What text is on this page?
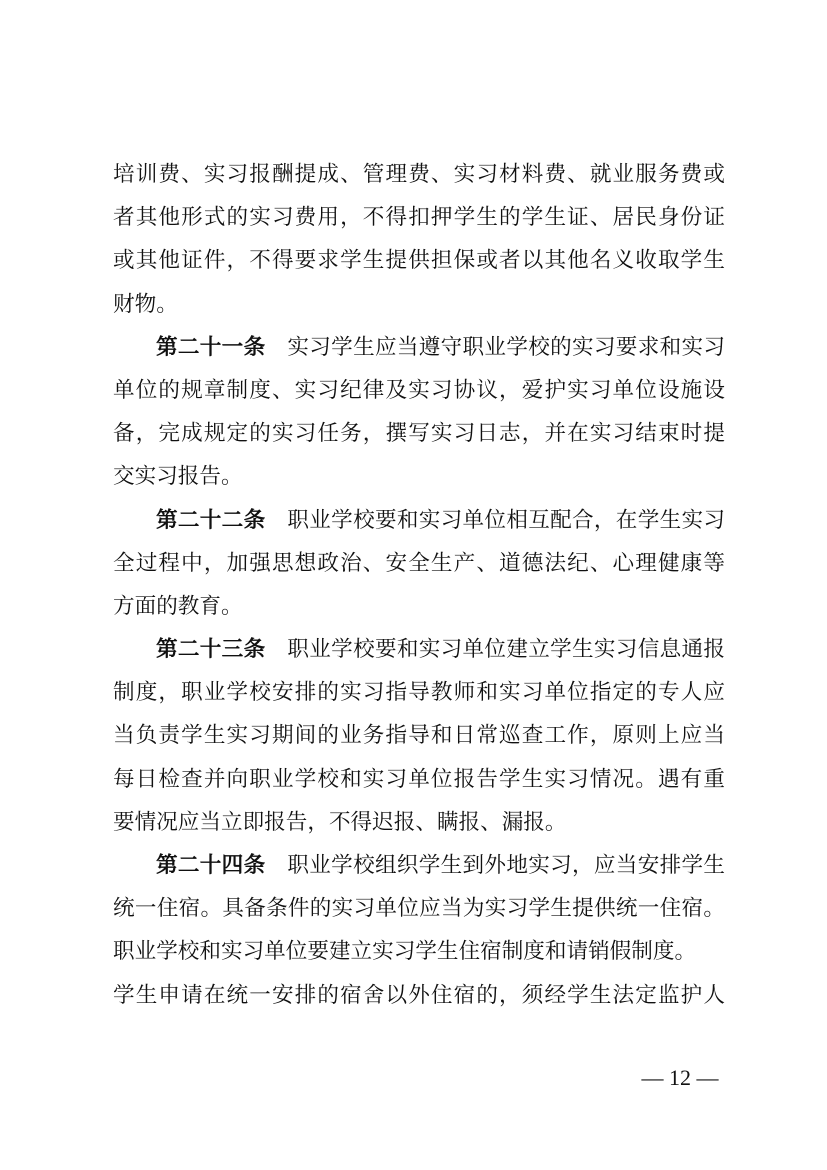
培训费、实习报酬提成、管理费、实习材料费、就业服务费或
者其他形式的实习费用，不得扣押学生的学生证、居民身份证
或其他证件，不得要求学生提供担保或者以其他名义收取学生
财物。
第二十一条  实习学生应当遵守职业学校的实习要求和实习
单位的规章制度、实习纪律及实习协议，爱护实习单位设施设
备，完成规定的实习任务，撰写实习日志，并在实习结束时提
交实习报告。
第二十二条  职业学校要和实习单位相互配合，在学生实习
全过程中，加强思想政治、安全生产、道德法纪、心理健康等
方面的教育。
第二十三条  职业学校要和实习单位建立学生实习信息通报
制度，职业学校安排的实习指导教师和实习单位指定的专人应
当负责学生实习期间的业务指导和日常巡查工作，原则上应当
每日检查并向职业学校和实习单位报告学生实习情况。遇有重
要情况应当立即报告，不得迟报、瞒报、漏报。
第二十四条  职业学校组织学生到外地实习，应当安排学生
统一住宿。具备条件的实习单位应当为实习学生提供统一住宿。
职业学校和实习单位要建立实习学生住宿制度和请销假制度。
学生申请在统一安排的宿舍以外住宿的，须经学生法定监护人
— 12 —
